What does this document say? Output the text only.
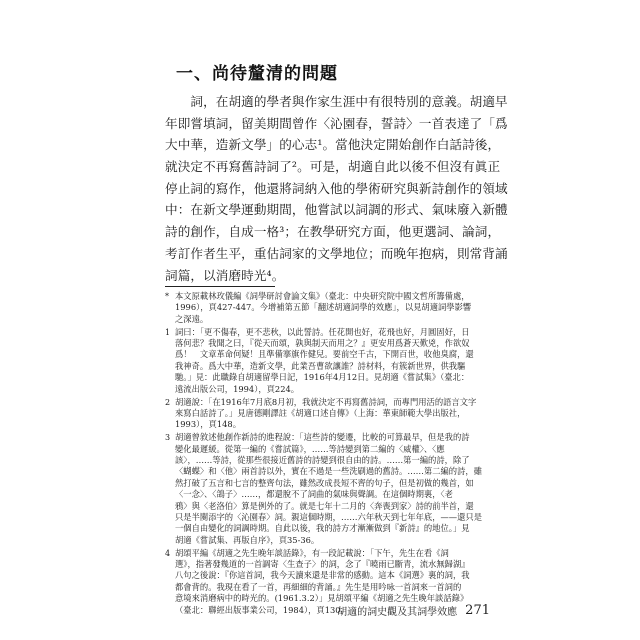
一、尚待釐清的問題
　　詞，在胡適的學者與作家生涯中有很特別的意義。胡適早
年即嘗填詞，留美期間曾作〈沁園春，誓詩〉一首表達了「爲
大中華，造新文學」的心志¹。當他決定開始創作白話詩後，
就決定不再寫舊詩詞了²。可是，胡適自此以後不但沒有眞正
停止詞的寫作，他還將詞納入他的學術研究與新詩創作的領域
中：在新文學運動期間，他嘗試以詞調的形式、氣味廢入新體
詩的創作，自成一格³；在教學研究方面，他更選詞、論詞，
考訂作者生平，重估詞家的文學地位；而晚年抱病，則常背誦
詞篇，以消磨時光⁴。
* 本文原載林玫儀編《詞學研討會論文集》（臺北：中央研究院中國文哲所籌備處，
1996），頁427-447。今增補第五節「翻述胡適詞學的效應」，以見胡適詞學影響
之深遠。
1 詞曰：「更不傷春，更不悲秋，以此誓詩。任花開也好，花飛也好，月圓固好，日
落何悲？我聞之曰，『從天而頌，孰與制天而用之？』更安用爲蒼天歎兇，作欲奴
爲！　文章革命何疑！且準備搴旗作健兒。要前空千古，下開百世，收他臭腐，還
我神奇。爲大中華，造新文學，此業吾曹欲讓誰？詩材料，有簇新世界，供我驅
馳。」見：此職錄自胡適留學日記，1916年4月12日。見胡適《嘗試集》（臺北：
遠流出版公司，1994），頁224。
2 胡適說：「在1916年7月底8月初，我就決定不再寫舊詩詞，而專門用活的語言文字
來寫白話詩了。」見唐德剛譯註《胡適口述自傳》（上海：華東師範大學出版社，
1993），頁148。
3 胡適曾敘述他創作新詩的進程說：「這些詩的變遷，比較的可算最早，但是我的詩
變化最遲緩。從第一編的《嘗試篇》，……等詩變到第二編的〈威權〉、〈應
該〉，……等詩，從那些很接近舊詩的詩變到很自由的詩。……第一編的詩，除了
〈蝴蝶〉和〈他〉兩首詩以外，實在不過是一些洗刷過的舊詩。……第二編的詩，雖
然打破了五言和七言的整齊句法，雖然改成長短不齊的句子，但是初做的幾首，如
〈一念〉、〈鴿子〉……，都還脫不了詞曲的氣味與聲調。在這個時期裏，〈老
鴉〉與〈老洛伯〉算是例外的了。就是七年十二月的〈奔喪到家〉詩的前半首，還
只是半闋添字的〈沁園春〉詞。親這個時期，……六年秋天到七年年底，——還只是
一個自由變化的詞調時期。自此以後，我的詩方才漸漸做到『新詩』的地位。」見
胡適《嘗試集、再版自序》，頁35-36。
4 胡頌平編《胡適之先生晚年談話錄》，有一段記載說：「下午，先生在看《詞
選》，指著發幾道的一首調寄〈生查子〉的詞，念了『曉雨已斷青，流水無歸湖』
八句之後說：『你這首詞，我今天讀來還是非常的感動。這本《詞選》裏的詞，我
都會背的。我現在看了一首，再細細的背誦。』先生是用吟咏一首詞來一首詞的
意境來消磨病中的時光的。(1961.3.2）」見胡頌平編《胡適之先生晚年談話錄》
（臺北：聯經出版事業公司，1984），頁130。
胡適的詞史觀及其詞學效應 271
